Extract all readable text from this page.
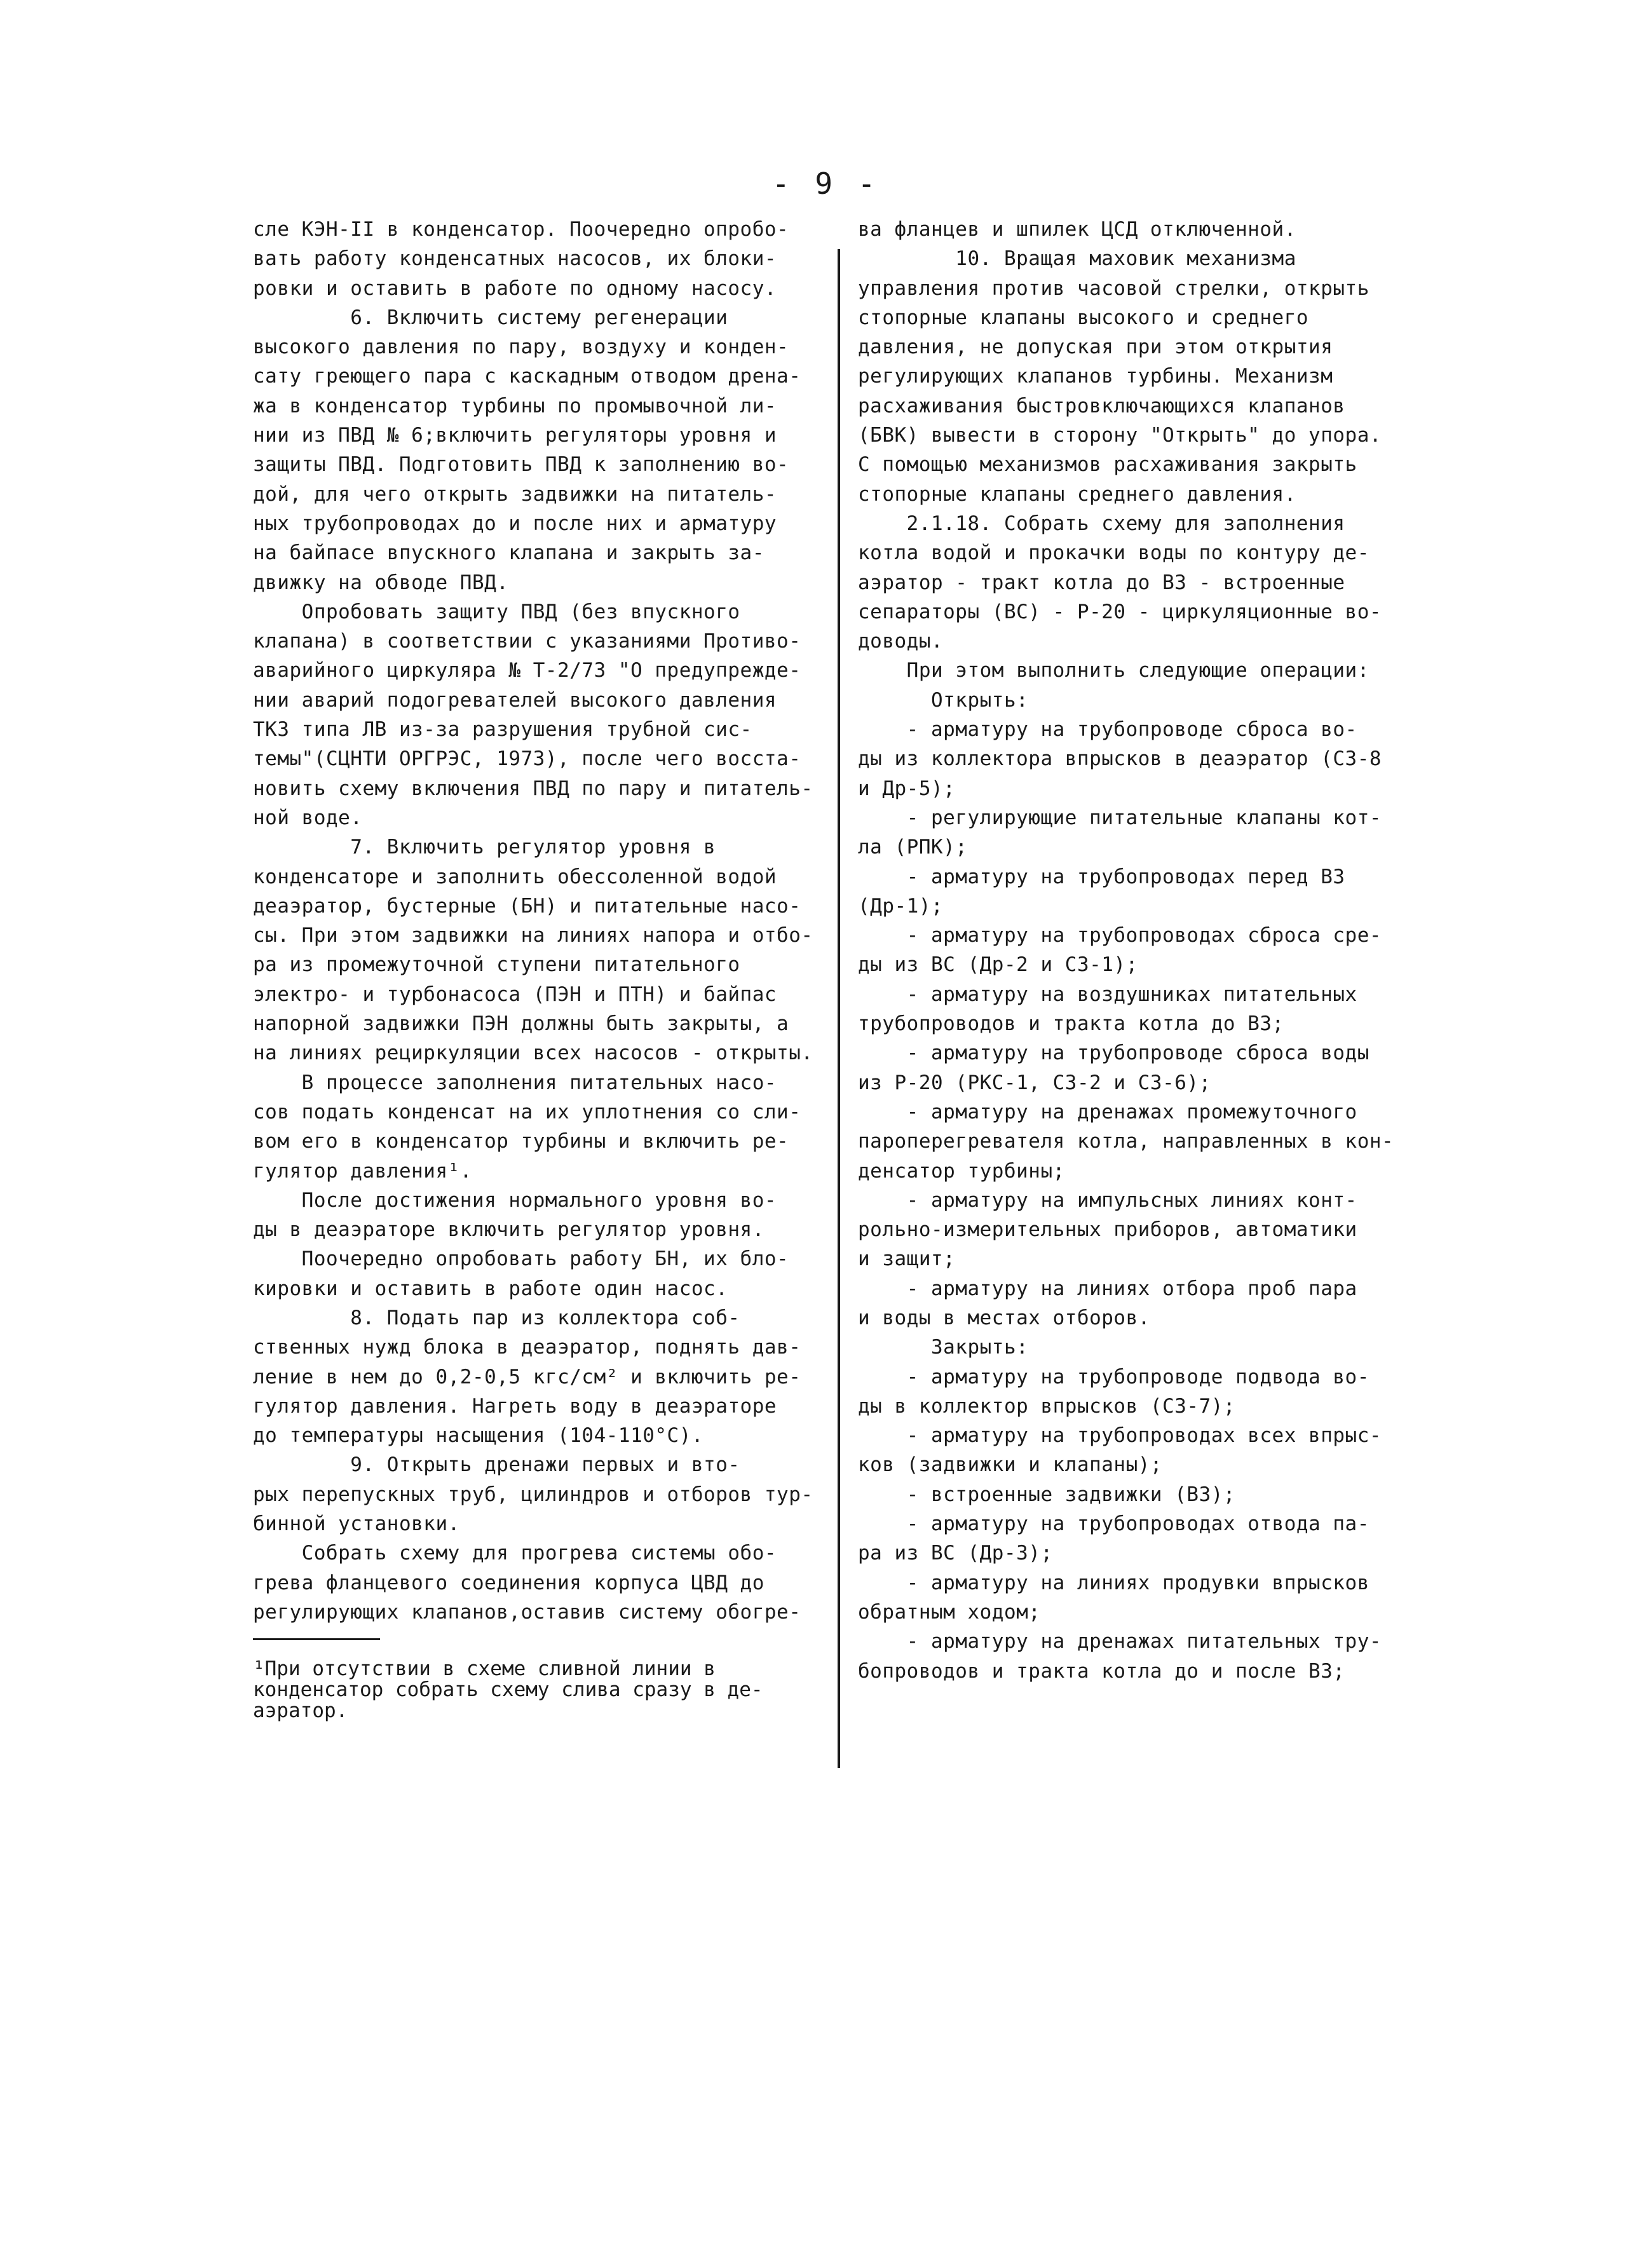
- 9 -
сле КЭН-II в конденсатор. Поочередно опробо-
вать работу конденсатных насосов, их блоки-
ровки и оставить в работе по одному насосу.
6. Включить систему регенерации
высокого давления по пару, воздуху и конден-
сату греющего пара с каскадным отводом дрена-
жа в конденсатор турбины по промывочной ли-
нии из ПВД № 6;включить регуляторы уровня и
защиты ПВД. Подготовить ПВД к заполнению во-
дой, для чего открыть задвижки на питатель-
ных трубопроводах до и после них и арматуру
на байпасе впускного клапана и закрыть за-
движку на обводе ПВД.
Опробовать защиту ПВД (без впускного
клапана) в соответствии с указаниями Противо-
аварийного циркуляра № Т-2/73 "О предупрежде-
нии аварий подогревателей высокого давления
ТКЗ типа ЛВ из-за разрушения трубной сис-
темы"(СЦНТИ ОРГРЭС, 1973), после чего восста-
новить схему включения ПВД по пару и питатель-
ной воде.
7. Включить регулятор уровня в
конденсаторе и заполнить обессоленной водой
деаэратор, бустерные (БН) и питательные насо-
сы. При этом задвижки на линиях напора и отбо-
ра из промежуточной ступени питательного
электро- и турбонасоса (ПЭН и ПТН) и байпас
напорной задвижки ПЭН должны быть закрыты, а
на линиях рециркуляции всех насосов - открыты.
В процессе заполнения питательных насо-
сов подать конденсат на их уплотнения со сли-
вом его в конденсатор турбины и включить ре-
гулятор давления¹.
После достижения нормального уровня во-
ды в деаэраторе включить регулятор уровня.
Поочередно опробовать работу БН, их бло-
кировки и оставить в работе один насос.
8. Подать пар из коллектора соб-
ственных нужд блока в деаэратор, поднять дав-
ление в нем до 0,2-0,5 кгс/см² и включить ре-
гулятор давления. Нагреть воду в деаэраторе
до температуры насыщения (104-110°С).
9. Открыть дренажи первых и вто-
рых перепускных труб, цилиндров и отборов тур-
бинной установки.
Собрать схему для прогрева системы обо-
грева фланцевого соединения корпуса ЦВД до
регулирующих клапанов,оставив систему обогре-
ва фланцев и шпилек ЦСД отключенной.
10. Вращая маховик механизма
управления против часовой стрелки, открыть
стопорные клапаны высокого и среднего
давления, не допуская при этом открытия
регулирующих клапанов турбины. Механизм
расхаживания быстровключающихся клапанов
(БВК) вывести в сторону "Открыть" до упора.
С помощью механизмов расхаживания закрыть
стопорные клапаны среднего давления.
2.1.18. Собрать схему для заполнения
котла водой и прокачки воды по контуру де-
аэратор - тракт котла до ВЗ - встроенные
сепараторы (ВС) - Р-20 - циркуляционные во-
доводы.
При этом выполнить следующие операции:
Открыть:
- арматуру на трубопроводе сброса во-
ды из коллектора впрысков в деаэратор (С3-8
и Др-5);
- регулирующие питательные клапаны кот-
ла (РПК);
- арматуру на трубопроводах перед ВЗ
(Др-1);
- арматуру на трубопроводах сброса сре-
ды из ВС (Др-2 и С3-1);
- арматуру на воздушниках питательных
трубопроводов и тракта котла до ВЗ;
- арматуру на трубопроводе сброса воды
из Р-20 (РКС-1, С3-2 и С3-6);
- арматуру на дренажах промежуточного
пароперегревателя котла, направленных в кон-
денсатор турбины;
- арматуру на импульсных линиях конт-
рольно-измерительных приборов, автоматики
и защит;
- арматуру на линиях отбора проб пара
и воды в местах отборов.
Закрыть:
- арматуру на трубопроводе подвода во-
ды в коллектор впрысков (С3-7);
- арматуру на трубопроводах всех впрыс-
ков (задвижки и клапаны);
- встроенные задвижки (ВЗ);
- арматуру на трубопроводах отвода па-
ра из ВС (Др-3);
- арматуру на линиях продувки впрысков
обратным ходом;
- арматуру на дренажах питательных тру-
бопроводов и тракта котла до и после ВЗ;
¹При отсутствии в схеме сливной линии в
конденсатор собрать схему слива сразу в де-
аэратор.
